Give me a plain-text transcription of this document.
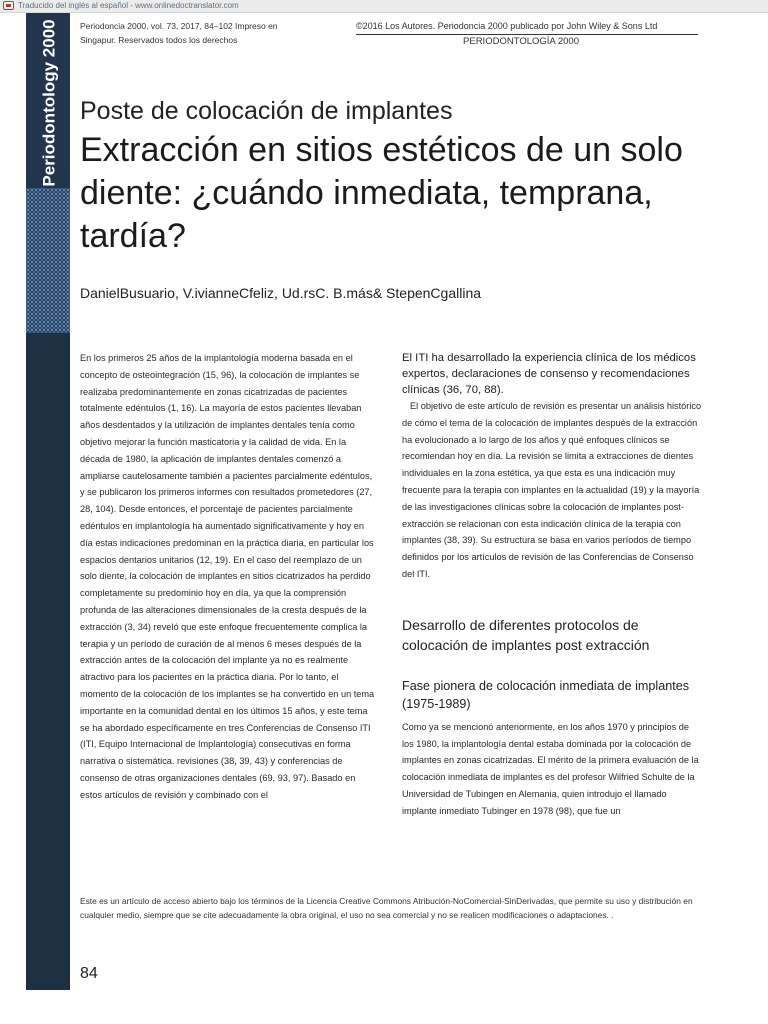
Traducido del inglés al español - www.onlinedoctranslator.com
Periodontology 2000	Periodoncia 2000, vol. 73, 2017, 84–102 Impreso en
Singapur. Reservados todos los derechos
©2016 Los Autores. Periodoncia 2000 publicado por John Wiley & Sons Ltd
PERIODONTOLOGÍA 2000
Poste de colocación de implantes
Extracción en sitios estéticos de un solo diente: ¿cuándo inmediata, temprana, tardía?
DanielBusuario, V.ivianneCfeliz, Ud.rsC. B.más& StepenCgallina

En los primeros 25 años de la implantología moderna basada en el concepto de osteointegración (15, 96), la colocación de implantes se realizaba predominantemente en zonas cicatrizadas de pacientes totalmente edéntulos (1, 16). La mayoría de estos pacientes llevaban años desdentados y la utilización de implantes dentales tenía como objetivo mejorar la función masticatoria y la calidad de vida. En la década de 1980, la aplicación de implantes dentales comenzó a ampliarse cautelosamente también a pacientes parcialmente edéntulos, y se publicaron los primeros informes con resultados prometedores (27, 28, 104). Desde entonces, el porcentaje de pacientes parcialmente edéntulos en implantología ha aumentado significativamente y hoy en día estas indicaciones predominan en la práctica diaria, en particular los espacios dentarios unitarios (12, 19). En el caso del reemplazo de un solo diente, la colocación de implantes en sitios cicatrizados ha perdido completamente su predominio hoy en día, ya que la comprensión profunda de las alteraciones dimensionales de la cresta después de la extracción (3, 34) reveló que este enfoque frecuentemente complica la terapia y un período de curación de al menos 6 meses después de la extracción antes de la colocación del implante ya no es realmente atractivo para los pacientes en la práctica diaria. Por lo tanto, el momento de la colocación de los implantes se ha convertido en un tema importante en la comunidad dental en los últimos 15 años, y este tema se ha abordado específicamente en tres Conferencias de Consenso ITI (ITI, Equipo Internacional de Implantología) consecutivas en forma narrativa o sistemática. revisiones (38, 39, 43) y conferencias de consenso de otras organizaciones dentales (69, 93, 97). Basado en estos artículos de revisión y combinado con el

El ITI ha desarrollado la experiencia clínica de los médicos expertos, declaraciones de consenso y recomendaciones clínicas (36, 70, 88).

El objetivo de este artículo de revisión es presentar un análisis histórico de cómo el tema de la colocación de implantes después de la extracción ha evolucionado a lo largo de los años y qué enfoques clínicos se recomiendan hoy en día. La revisión se limita a extracciones de dientes individuales en la zona estética, ya que esta es una indicación muy frecuente para la terapia con implantes en la actualidad (19) y la mayoría de las investigaciones clínicas sobre la colocación de implantes post-extracción se relacionan con esta indicación clínica de la terapia con implantes (38, 39). Su estructura se basa en varios períodos de tiempo definidos por los artículos de revisión de las Conferencias de Consenso del ITI.

Desarrollo de diferentes protocolos de colocación de implantes post extracción
Fase pionera de colocación inmediata de implantes (1975-1989)

Como ya se mencionó anteriormente, en los años 1970 y principios de los 1980, la implantología dental estaba dominada por la colocación de implantes en zonas cicatrizadas. El mérito de la primera evaluación de la colocación inmediata de implantes es del profesor Wilfried Schulte de la Universidad de Tubingen en Alemania, quien introdujo el llamado implante inmediato Tubinger en 1978 (98), que fue un

Este es un artículo de acceso abierto bajo los términos de la Licencia Creative Commons Atribución-NoComercial-SinDerivadas, que permite su uso y distribución en cualquier medio, siempre que se cite adecuadamente la obra original, el uso no sea comercial y no se realicen modificaciones o adaptaciones. .
84
